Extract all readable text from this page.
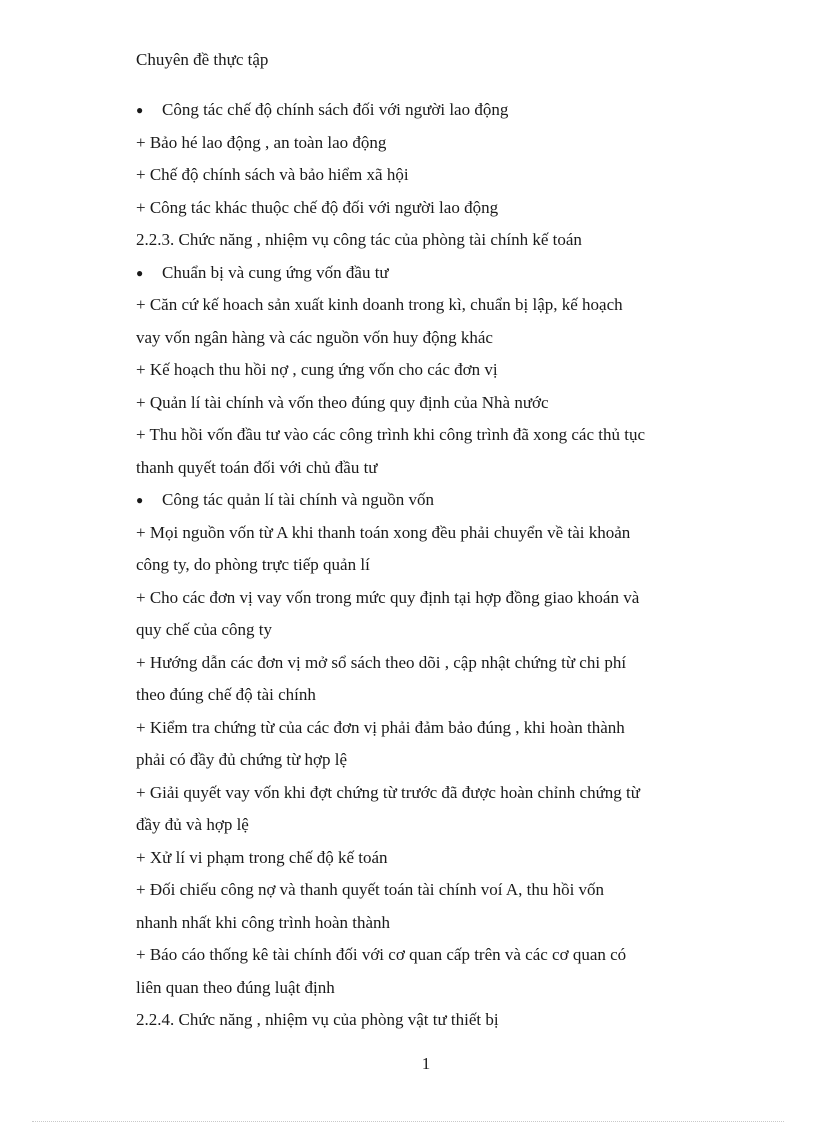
Chuyên đề thực tập
● Công tác chế độ chính sách đối với người lao động
+ Bảo hé lao động , an toàn lao động
+ Chế độ chính sách và bảo hiểm xã hội
+ Công tác khác thuộc chế độ đối với người lao động
2.2.3. Chức năng , nhiệm vụ công tác của phòng tài chính kế toán
● Chuẩn bị và cung ứng vốn đầu tư
+ Căn cứ kế hoach sản xuất kinh doanh trong kì, chuẩn bị lập, kế hoạch
vay vốn ngân hàng và các nguồn vốn huy động khác
+ Kế hoạch thu hồi nợ , cung ứng vốn cho các đơn vị
+ Quản lí tài chính và vốn theo đúng quy định của Nhà nước
+ Thu hồi vốn đầu tư vào các công trình khi công trình đã xong các thủ tục
thanh quyết toán đối với chủ đầu tư
● Công tác quản lí tài chính và nguồn vốn
+ Mọi nguồn vốn từ A khi thanh toán xong đều phải chuyển về tài khoản
công ty, do phòng trực tiếp quản lí
+ Cho các đơn vị vay vốn trong mức quy định tại hợp đồng giao khoán và
quy chế của công ty
+ Hướng dẫn các đơn vị mở sổ sách theo dõi , cập nhật chứng từ chi phí
theo đúng chế độ tài chính
+ Kiểm tra chứng từ của các đơn vị phải đảm bảo đúng , khi hoàn thành
phải có đầy đủ chứng từ hợp lệ
+ Giải quyết vay vốn khi đợt chứng từ trước đã được hoàn chỉnh chứng từ
đầy đủ và hợp lệ
+ Xử lí vi phạm trong chế độ kế toán
+ Đối chiếu công nợ và thanh quyết toán tài chính voí A, thu hồi vốn
nhanh nhất khi công trình hoàn thành
+ Báo cáo thống kê tài chính đối với cơ quan cấp trên và các cơ quan có
liên quan theo đúng luật định
2.2.4. Chức năng , nhiệm vụ của phòng vật tư thiết bị
1
